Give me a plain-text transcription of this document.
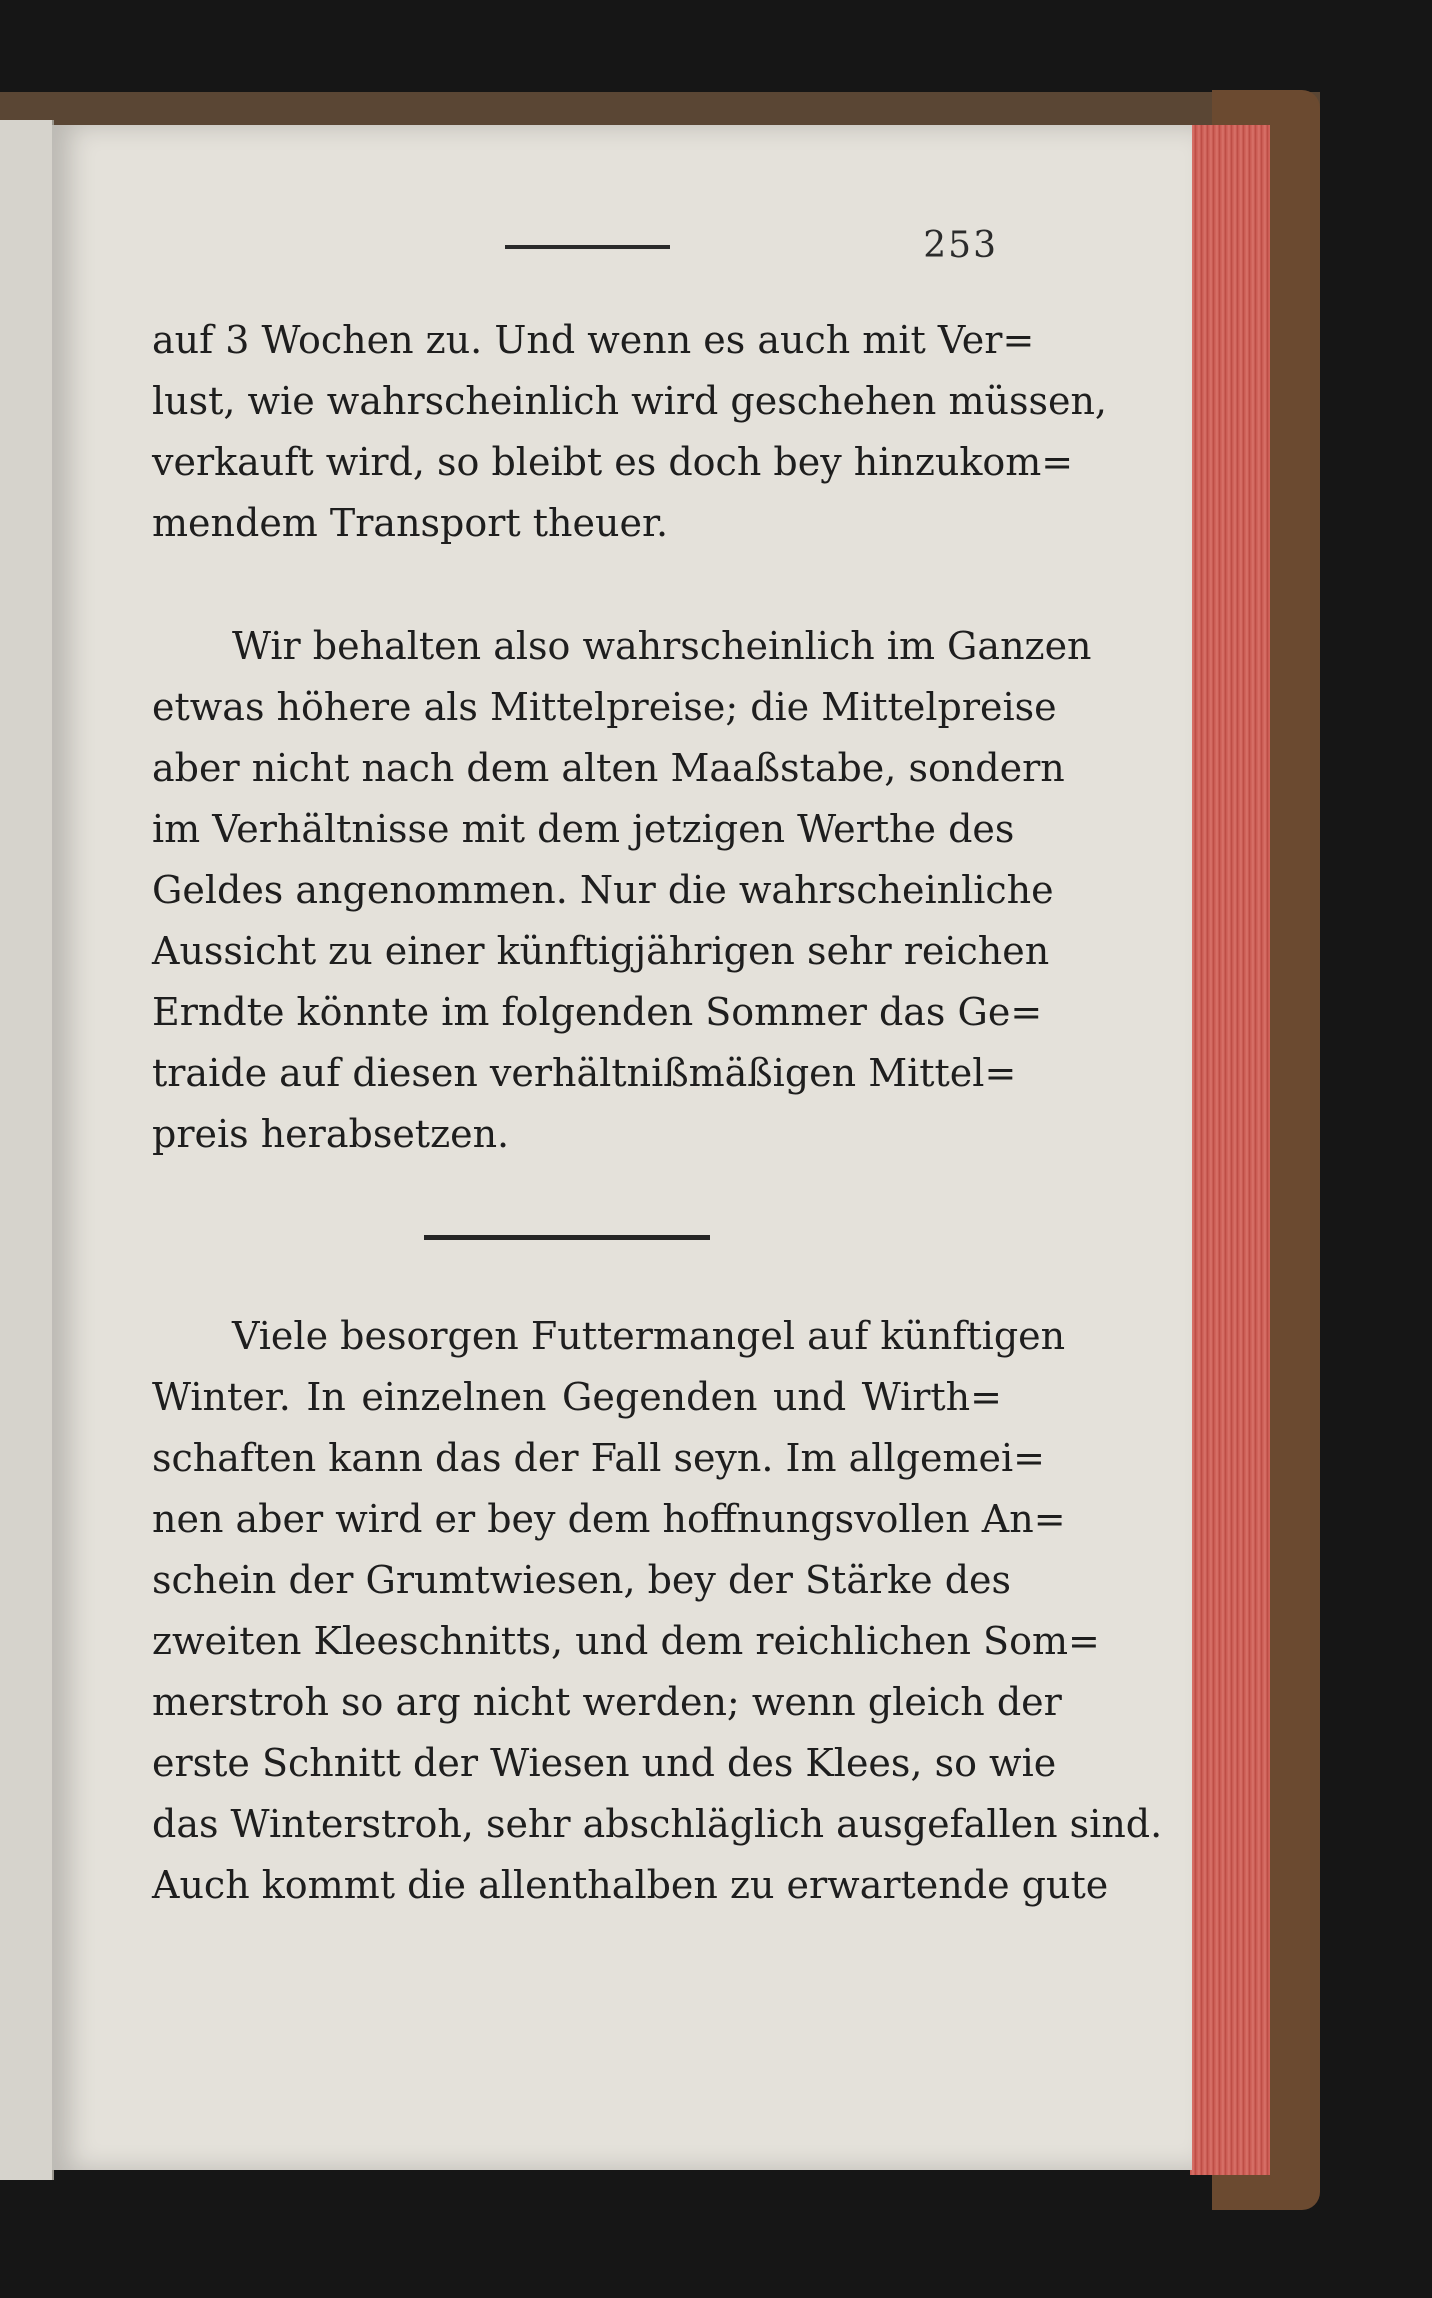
253
auf 3 Wochen zu. Und wenn es auch mit Ver=
lust, wie wahrscheinlich wird geschehen müssen,
verkauft wird, so bleibt es doch bey hinzukom=
mendem Transport theuer.
Wir behalten also wahrscheinlich im Ganzen
etwas höhere als Mittelpreise; die Mittelpreise
aber nicht nach dem alten Maaßstabe, sondern
im Verhältnisse mit dem jetzigen Werthe des
Geldes angenommen. Nur die wahrscheinliche
Aussicht zu einer künftigjährigen sehr reichen
Erndte könnte im folgenden Sommer das Ge=
traide auf diesen verhältnißmäßigen Mittel=
preis herabsetzen.
Viele besorgen Futtermangel auf künftigen
Winter. In einzelnen Gegenden und Wirth=
schaften kann das der Fall seyn. Im allgemei=
nen aber wird er bey dem hoffnungsvollen An=
schein der Grumtwiesen, bey der Stärke des
zweiten Kleeschnitts, und dem reichlichen Som=
merstroh so arg nicht werden; wenn gleich der
erste Schnitt der Wiesen und des Klees, so wie
das Winterstroh, sehr abschläglich ausgefallen sind.
Auch kommt die allenthalben zu erwartende gute
